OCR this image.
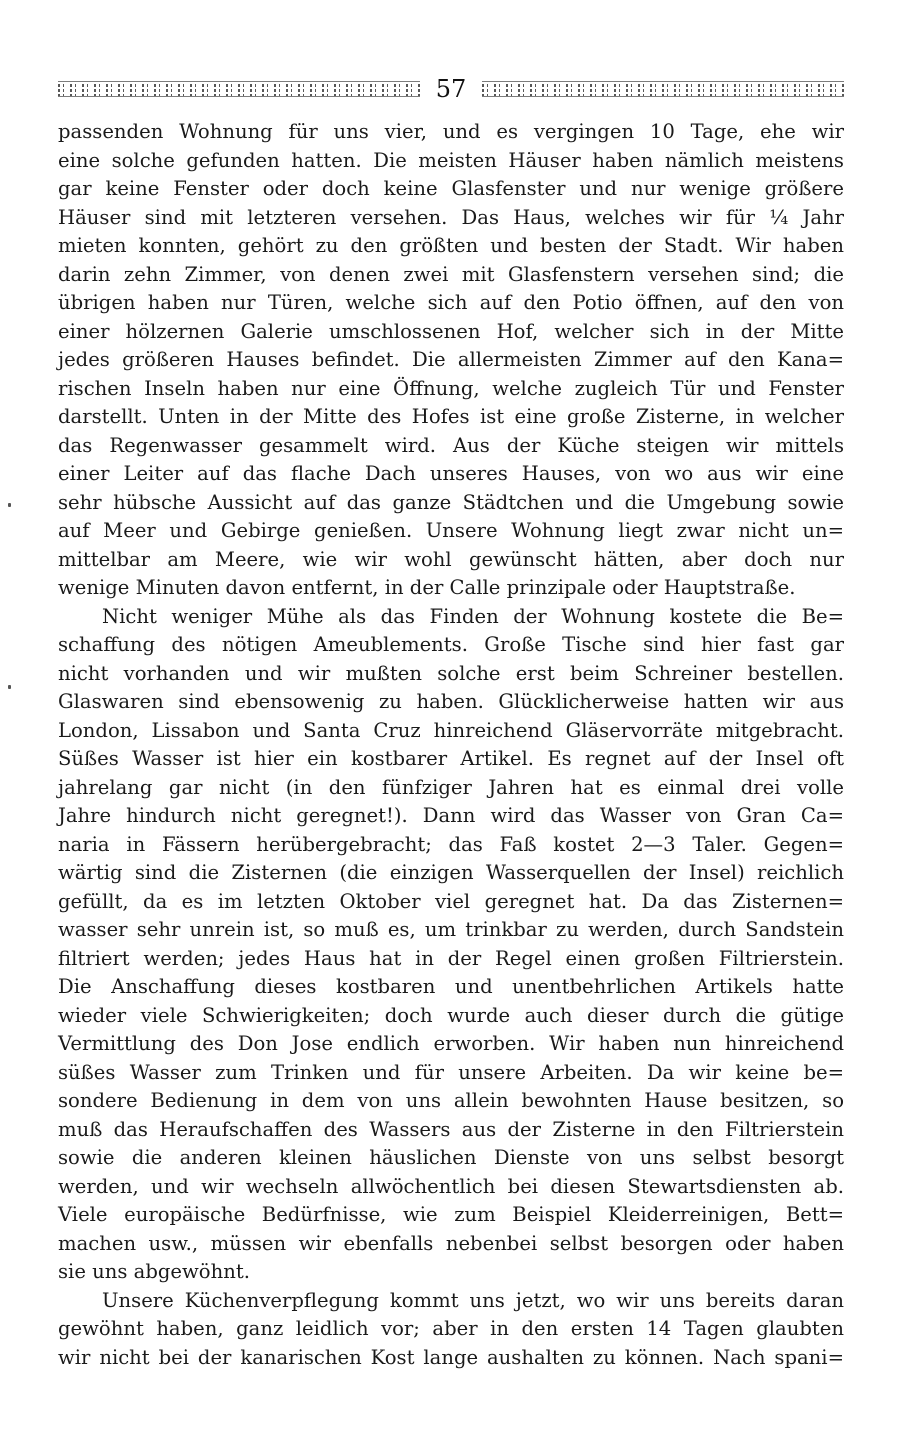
57
passenden Wohnung für uns vier, und es vergingen 10 Tage, ehe wir
eine solche gefunden hatten. Die meisten Häuser haben nämlich meistens
gar keine Fenster oder doch keine Glasfenster und nur wenige größere
Häuser sind mit letzteren versehen. Das Haus, welches wir für ¼ Jahr
mieten konnten, gehört zu den größten und besten der Stadt. Wir haben
darin zehn Zimmer, von denen zwei mit Glasfenstern versehen sind; die
übrigen haben nur Türen, welche sich auf den Potio öffnen, auf den von
einer hölzernen Galerie umschlossenen Hof, welcher sich in der Mitte
jedes größeren Hauses befindet. Die allermeisten Zimmer auf den Kana=
rischen Inseln haben nur eine Öffnung, welche zugleich Tür und Fenster
darstellt. Unten in der Mitte des Hofes ist eine große Zisterne, in welcher
das Regenwasser gesammelt wird. Aus der Küche steigen wir mittels
einer Leiter auf das flache Dach unseres Hauses, von wo aus wir eine
sehr hübsche Aussicht auf das ganze Städtchen und die Umgebung sowie
auf Meer und Gebirge genießen. Unsere Wohnung liegt zwar nicht un=
mittelbar am Meere, wie wir wohl gewünscht hätten, aber doch nur
wenige Minuten davon entfernt, in der Calle prinzipale oder Hauptstraße.
Nicht weniger Mühe als das Finden der Wohnung kostete die Be=
schaffung des nötigen Ameublements. Große Tische sind hier fast gar
nicht vorhanden und wir mußten solche erst beim Schreiner bestellen.
Glaswaren sind ebensowenig zu haben. Glücklicherweise hatten wir aus
London, Lissabon und Santa Cruz hinreichend Gläservorräte mitgebracht.
Süßes Wasser ist hier ein kostbarer Artikel. Es regnet auf der Insel oft
jahrelang gar nicht (in den fünfziger Jahren hat es einmal drei volle
Jahre hindurch nicht geregnet!). Dann wird das Wasser von Gran Ca=
naria in Fässern herübergebracht; das Faß kostet 2—3 Taler. Gegen=
wärtig sind die Zisternen (die einzigen Wasserquellen der Insel) reichlich
gefüllt, da es im letzten Oktober viel geregnet hat. Da das Zisternen=
wasser sehr unrein ist, so muß es, um trinkbar zu werden, durch Sandstein
filtriert werden; jedes Haus hat in der Regel einen großen Filtrierstein.
Die Anschaffung dieses kostbaren und unentbehrlichen Artikels hatte
wieder viele Schwierigkeiten; doch wurde auch dieser durch die gütige
Vermittlung des Don Jose endlich erworben. Wir haben nun hinreichend
süßes Wasser zum Trinken und für unsere Arbeiten. Da wir keine be=
sondere Bedienung in dem von uns allein bewohnten Hause besitzen, so
muß das Heraufschaffen des Wassers aus der Zisterne in den Filtrierstein
sowie die anderen kleinen häuslichen Dienste von uns selbst besorgt
werden, und wir wechseln allwöchentlich bei diesen Stewartsdiensten ab.
Viele europäische Bedürfnisse, wie zum Beispiel Kleiderreinigen, Bett=
machen usw., müssen wir ebenfalls nebenbei selbst besorgen oder haben
sie uns abgewöhnt.
Unsere Küchenverpflegung kommt uns jetzt, wo wir uns bereits daran
gewöhnt haben, ganz leidlich vor; aber in den ersten 14 Tagen glaubten
wir nicht bei der kanarischen Kost lange aushalten zu können. Nach spani=
